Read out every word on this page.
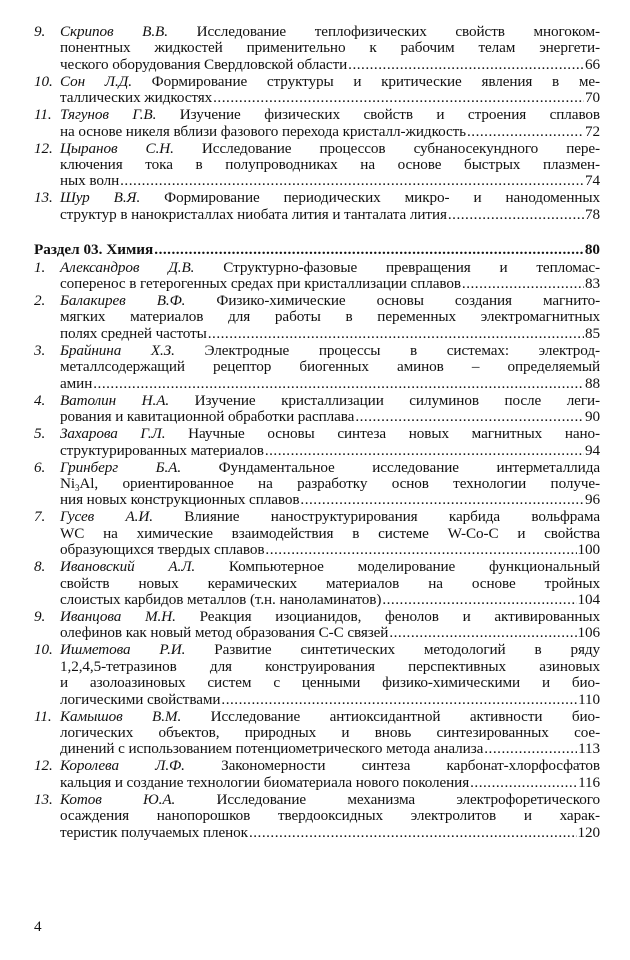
9. Скрипов В.В. Исследование теплофизических свойств многоком-
понентных жидкостей применительно к рабочим телам энергети-
ческого оборудования Свердловской области .....	66
10. Сон Л.Д. Формирование структуры и критические явления в ме-
таллических жидкостях .....	70
11. Тягунов Г.В. Изучение физических свойств и строения сплавов
на основе никеля вблизи фазового перехода кристалл-жидкость .....	72
12. Цыранов С.Н. Исследование процессов субнаносекундного пере-
ключения тока в полупроводниках на основе быстрых плазмен-
ных волн .....	74
13. Шур В.Я. Формирование периодических микро- и нанодоменных
структур в нанокристаллах ниобата лития и танталата лития .....	78
Раздел 03. Химия .....	80
1. Александров Д.В. Структурно-фазовые превращения и тепломас-
соперенос в гетерогенных средах при кристаллизации сплавов .....	83
2. Балакирев В.Ф. Физико-химические основы создания магнито-
мягких материалов для работы в переменных электромагнитных
полях средней частоты .....	85
3. Брайнина Х.З. Электродные процессы в системах: электрод-
металлсодержащий рецептор биогенных аминов – определяемый
амин .....	88
4. Ватолин Н.А. Изучение кристаллизации силуминов после леги-
рования и кавитационной обработки расплава .....	90
5. Захарова Г.Л. Научные основы синтеза новых магнитных нано-
структурированных материалов .....	94
6. Гринберг Б.А. Фундаментальное исследование интерметаллида
$Ni_3Al$, ориентированное на разработку основ технологии получе-
ния новых конструкционных сплавов .....	96
7. Гусев А.И. Влияние наноструктурирования карбида вольфрама
WC на химические взаимодействия в системе W-Co-C и свойства
образующихся твердых сплавов .....	100
8. Ивановский А.Л. Компьютерное моделирование функциональный
свойств новых керамических материалов на основе тройных
слоистых карбидов металлов (т.н. наноламинатов) .....	104
9. Иванцова М.Н. Реакция изоцианидов, фенолов и активированных
олефинов как новый метод образования С-С связей .....	106
10. Ишметова Р.И. Развитие синтетических методологий в ряду
1,2,4,5-тетразинов для конструирования перспективных азиновых
и азолоазиновых систем с ценными физико-химическими и био-
логическими свойствами .....	110
11. Камышов В.М. Исследование антиоксидантной активности био-
логических объектов, природных и вновь синтезированных сое-
динений с использованием потенциометрического метода анализа .....	113
12. Королева Л.Ф. Закономерности синтеза карбонат-хлорфосфатов
кальция и создание технологии биоматериала нового поколения .....	116
13. Котов Ю.А.	Исследование	механизма	электрофоретического
осаждения нанопорошков твердооксидных электролитов и харак-
теристик получаемых пленок .....	120
4
